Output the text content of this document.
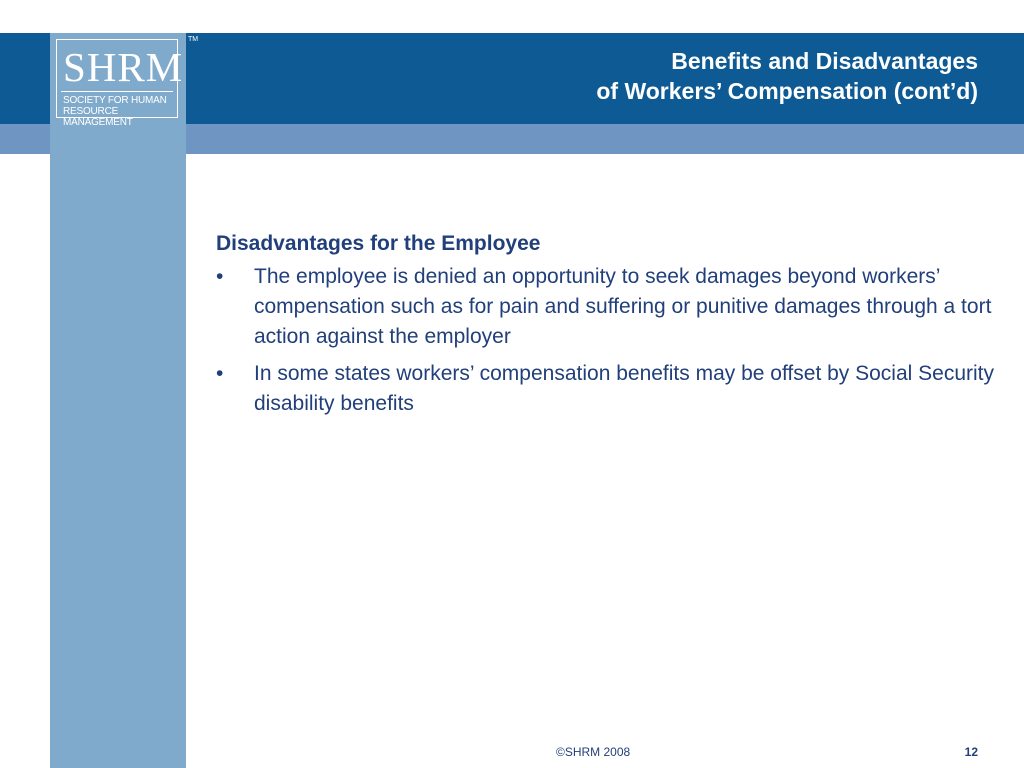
SHRM
SOCIETY FOR HUMAN
RESOURCE MANAGEMENT
TM
Benefits and Disadvantages
of Workers’ Compensation (cont’d)
Disadvantages for the Employee
• The employee is denied an opportunity to seek damages beyond workers’ compensation such as for pain and suffering or punitive damages through a tort action against the employer
• In some states workers’ compensation benefits may be offset by Social Security disability benefits
©SHRM 2008	12
